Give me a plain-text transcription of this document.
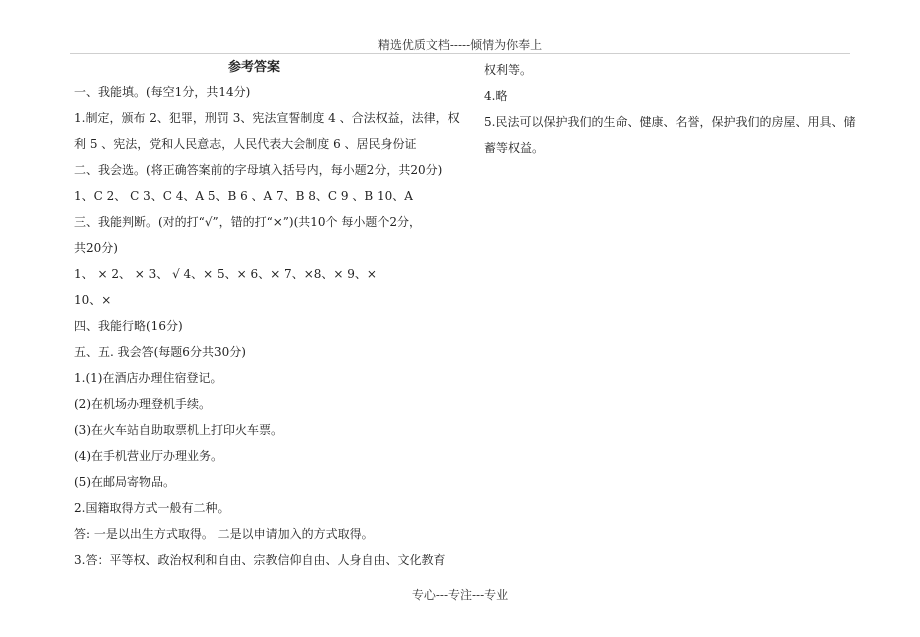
精选优质文档-----倾情为你奉上
参考答案
一、我能填。(每空1分，共14分)
1.制定，颁布 2、犯罪，刑罚 3、宪法宣誓制度 4 、合法权益，法律，权
利 5 、宪法，党和人民意志，人民代表大会制度 6 、居民身份证
二、我会选。(将正确答案前的字母填入括号内，每小题2分，共20分)
1、C 2、 C 3、C 4、A 5、B 6 、A 7、B 8、C 9 、B 10、A
三、我能判断。(对的打“√”，错的打“×”)(共10个 每小题个2分，
共20分)
1、 × 2、 × 3、 √ 4、× 5、× 6、× 7、×8、× 9、×
10、×
四、我能行略(16分)
五、五. 我会答(每题6分共30分)
1.(1)在酒店办理住宿登记。
(2)在机场办理登机手续。
(3)在火车站自助取票机上打印火车票。
(4)在手机营业厅办理业务。
(5)在邮局寄物品。
2.国籍取得方式一般有二种。
答: 一是以出生方式取得。 二是以申请加入的方式取得。
3.答：平等权、政治权利和自由、宗教信仰自由、人身自由、文化教育
权利等。
4.略
5.民法可以保护我们的生命、健康、名誉，保护我们的房屋、用具、储
蓄等权益。
专心---专注---专业
